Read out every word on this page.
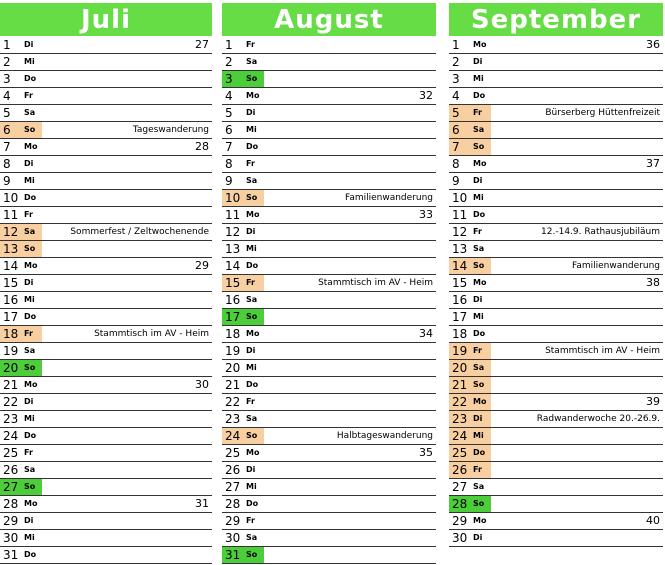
Juli
1 Di	27
2 Mi
3 Do
4 Fr
5 Sa
6 So	Tageswanderung
7 Mo	28
8 Di
9 Mi
10 Do
11 Fr
12 Sa	Sommerfest / Zeltwochenende
13 So
14 Mo	29
15 Di
16 Mi
17 Do
18 Fr	Stammtisch im AV - Heim
19 Sa
20 So
21 Mo	30
22 Di
23 Mi
24 Do
25 Fr
26 Sa
27 So
28 Mo	31
29 Di
30 Mi
31 Do
August
1 Fr
2 Sa
3 So
4 Mo	32
5 Di
6 Mi
7 Do
8 Fr
9 Sa
10 So	Familienwanderung
11 Mo	33
12 Di
13 Mi
14 Do
15 Fr	Stammtisch im AV - Heim
16 Sa
17 So
18 Mo	34
19 Di
20 Mi
21 Do
22 Fr
23 Sa
24 So	Halbtageswanderung
25 Mo	35
26 Di
27 Mi
28 Do
29 Fr
30 Sa
31 So
September
1 Mo	36
2 Di
3 Mi
4 Do
5 Fr	Bürserberg Hüttenfreizeit
6 Sa
7 So
8 Mo	37
9 Di
10 Mi
11 Do
12 Fr	12.-14.9. Rathausjubiläum
13 Sa
14 So	Familienwanderung
15 Mo	38
16 Di
17 Mi
18 Do
19 Fr	Stammtisch im AV - Heim
20 Sa
21 So
22 Mo	39
23 Di	Radwanderwoche 20.-26.9.
24 Mi
25 Do
26 Fr
27 Sa
28 So
29 Mo	40
30 Di
